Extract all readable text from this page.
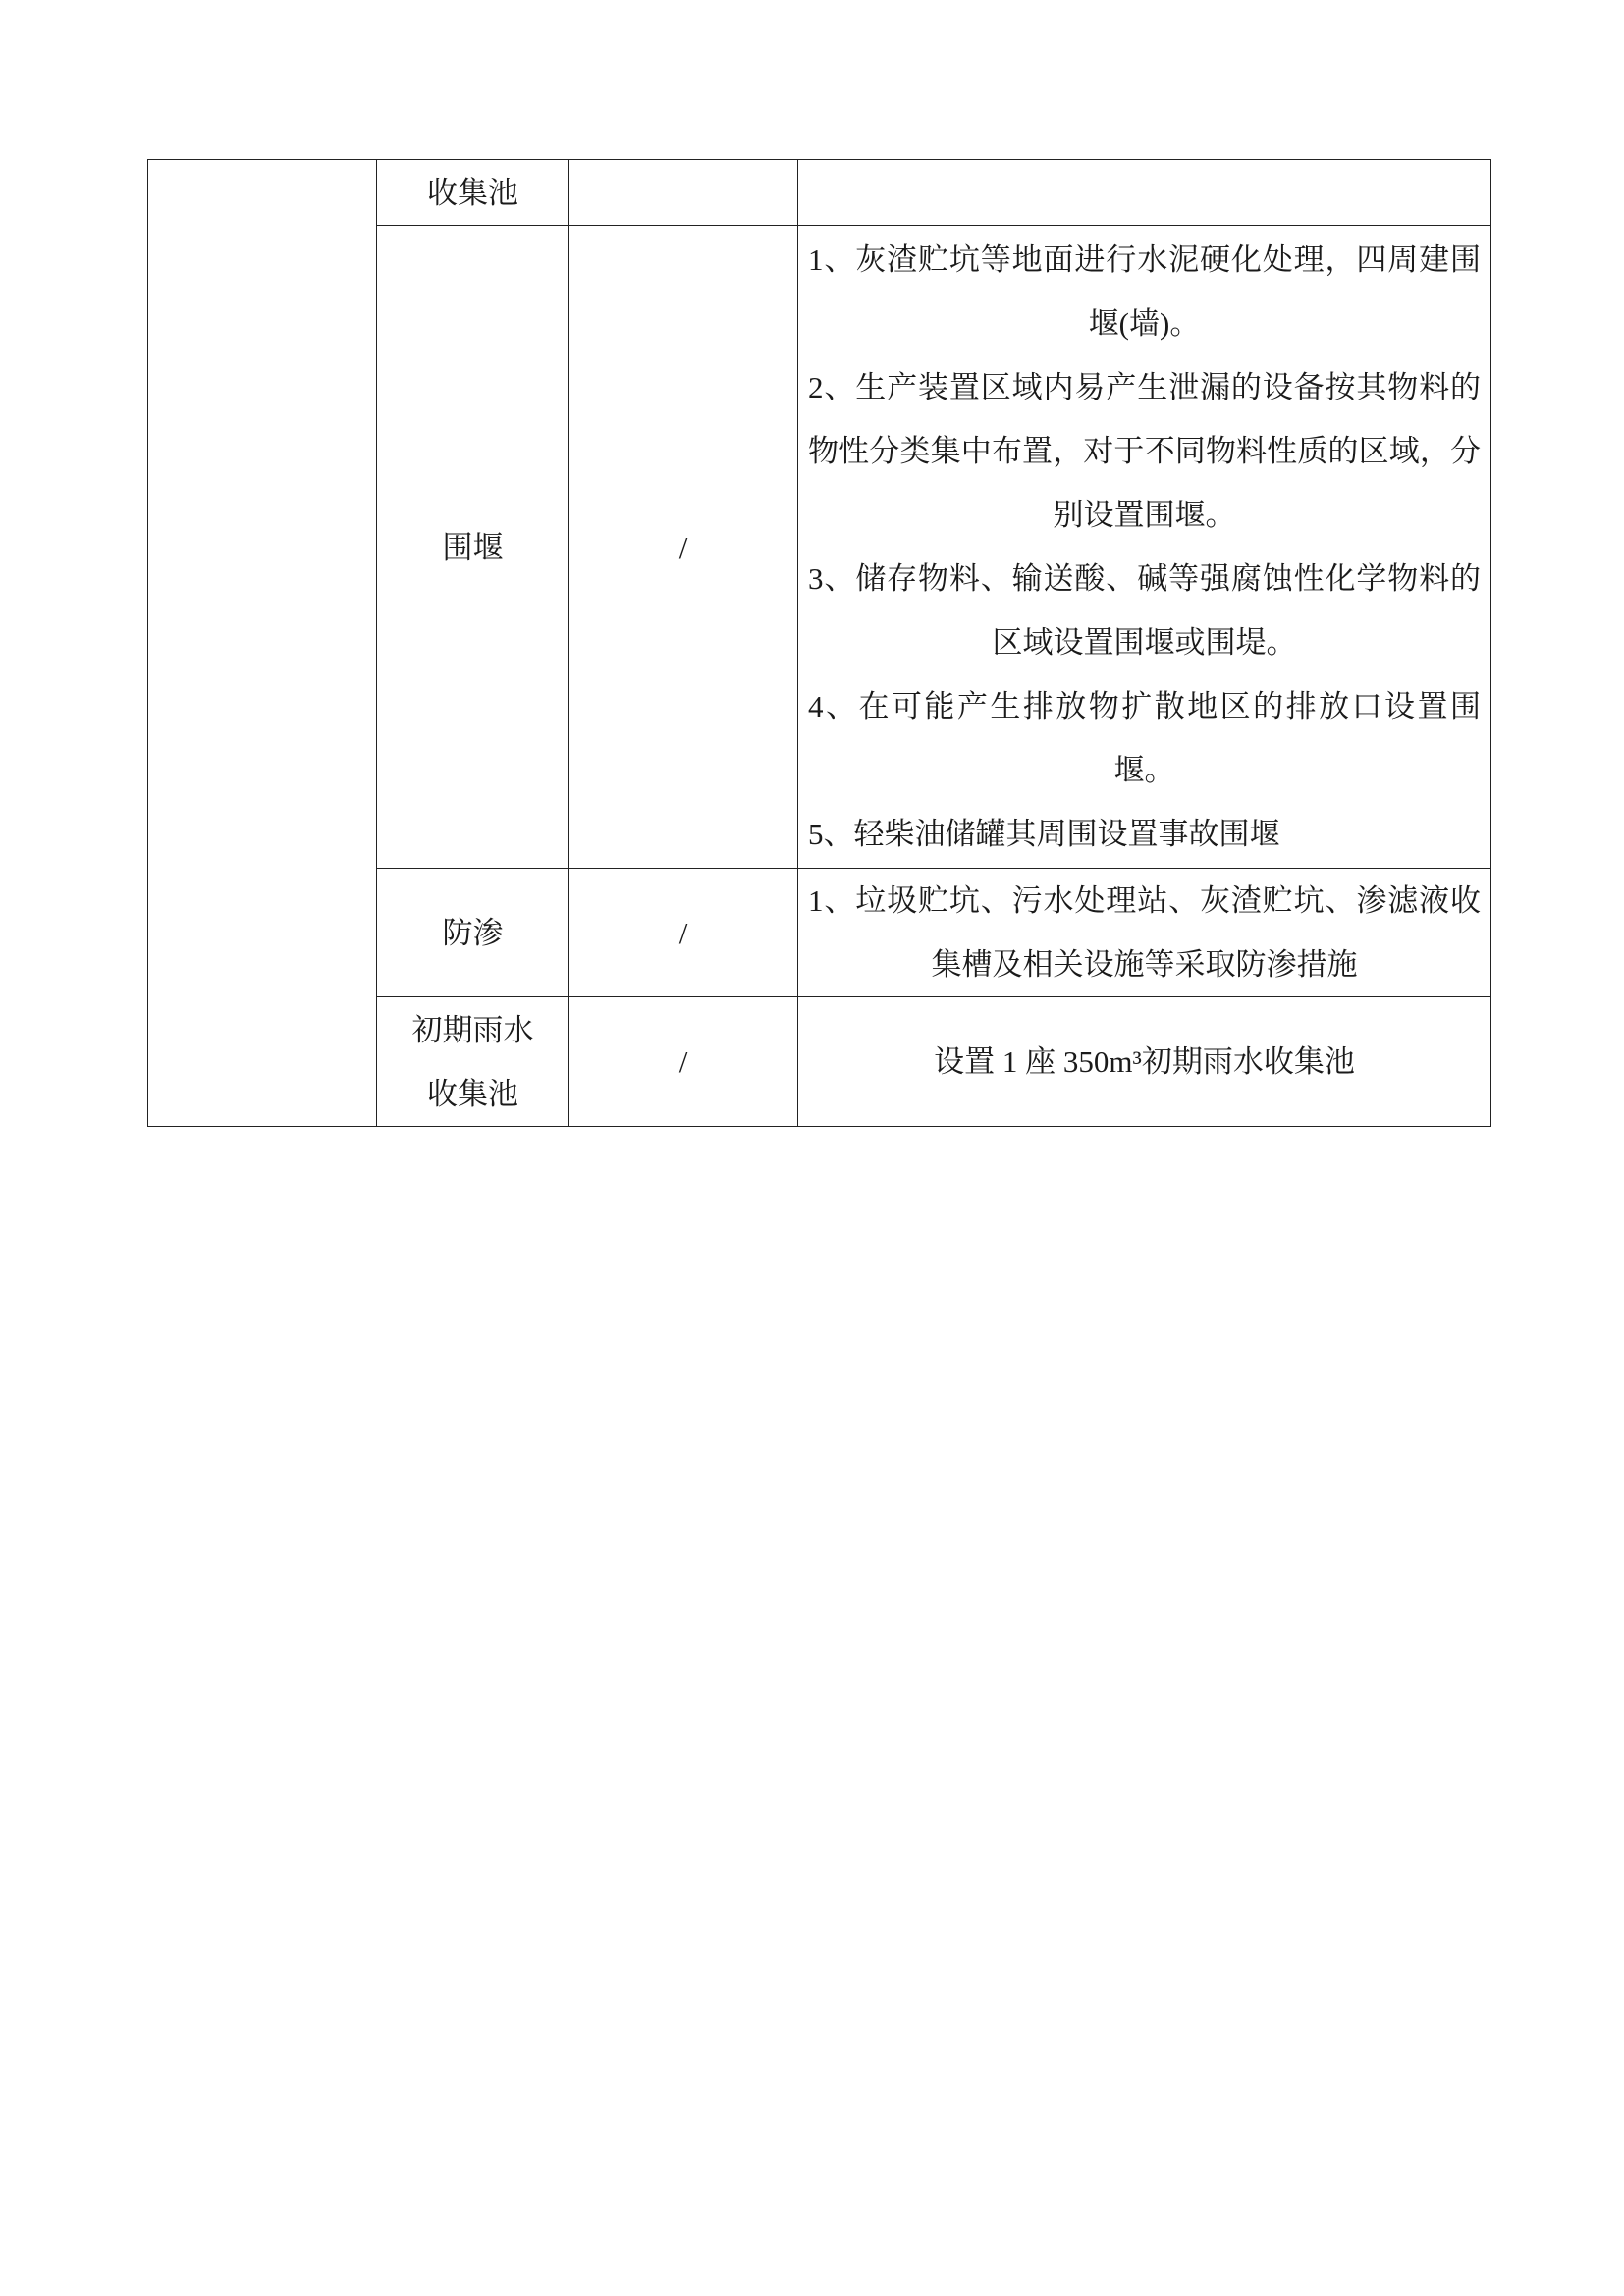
	收集池		
	围堰	/	1、灰渣贮坑等地面进行水泥硬化处理，四周建围堰(墙)。
2、生产装置区域内易产生泄漏的设备按其物料的物性分类集中布置，对于不同物料性质的区域，分别设置围堰。
3、储存物料、输送酸、碱等强腐蚀性化学物料的区域设置围堰或围堤。
4、在可能产生排放物扩散地区的排放口设置围堰。
5、轻柴油储罐其周围设置事故围堰

	防渗	/	1、垃圾贮坑、污水处理站、灰渣贮坑、渗滤液收集槽及相关设施等采取防渗措施

	初期雨水
收集池	/	设置 1 座 350m³初期雨水收集池
